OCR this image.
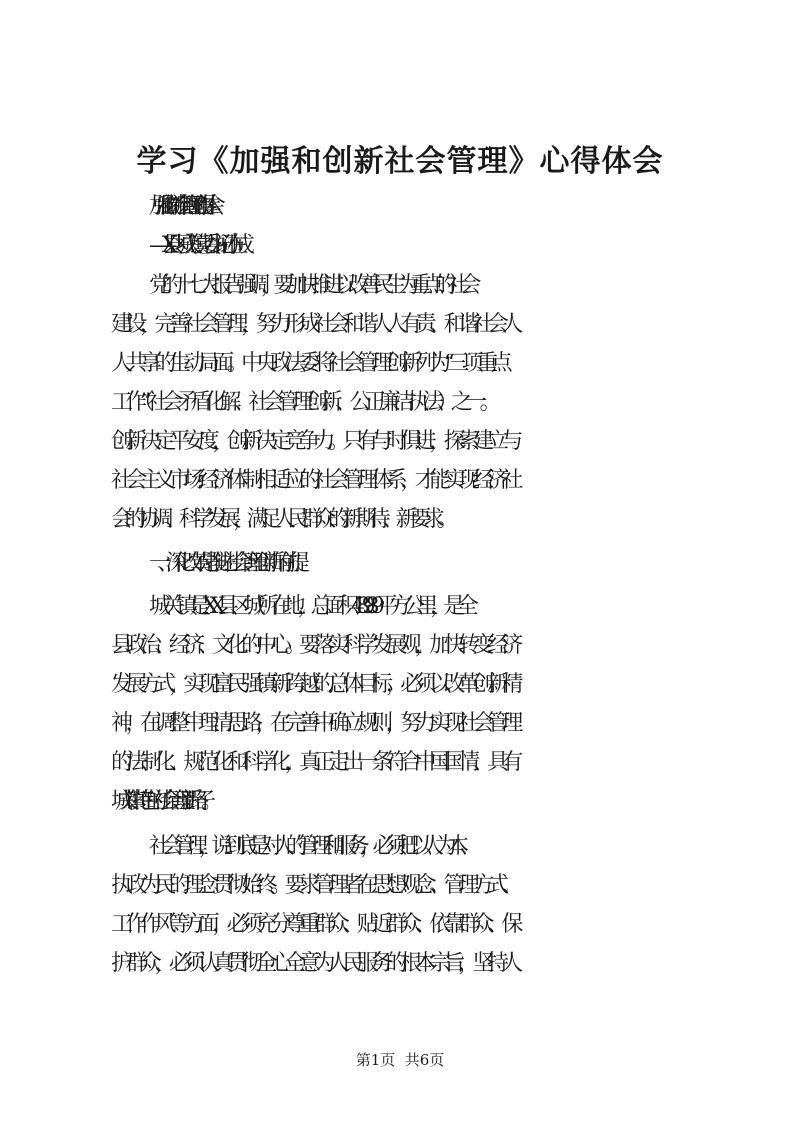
学习《加强和创新社会管理》心得体会

加强和创新社会管理的心得体会

——XX县区城关镇党委书记孙在成

党的十七大报告强调，要加快推进以改善民生为重点的社会

建设，完善社会管理，努力形成社会和谐人人有责、和谐社会人

人共享的生动局面。中央政法委将社会管理创新列为“三项重点

工作”（社会矛盾化解、社会管理创新、公正廉洁执法）之一。

创新决定平安度，创新决定竞争力。只有与时俱进，探索建立与

社会主义市场经济体制相适应的社会管理体系，才能实现经济社

会的协调、科学发展，满足人民群众的新期待、新要求。

一、深化改革是推进社会管理创新的前提

城关镇是XX县区城所在地，总面积489.89平方公里，是全

县政治、经济、文化的中心。要落实科学发展观，加快转变经济

发展方式，实现富民强镇新跨越的总体目标，必须以改革创新精

神，在调整中理清思路，在完善中确立规则，努力实现社会管理

的法制化、规范化和科学化，真正走出一条符合中国国情、具有

城关镇特色的社会管理新路子。

社会管理，说到底是对人的管理和服务，必须把以人为本、

执政为民的理念贯彻始终。要求管理者在思想观念、管理方式、

工作作风等方面，必须充分尊重群众、贴近群众、依靠群众、保

护群众，必须认真贯彻全心全意为人民服务的根本宗旨，坚持人

第1页  共6页
